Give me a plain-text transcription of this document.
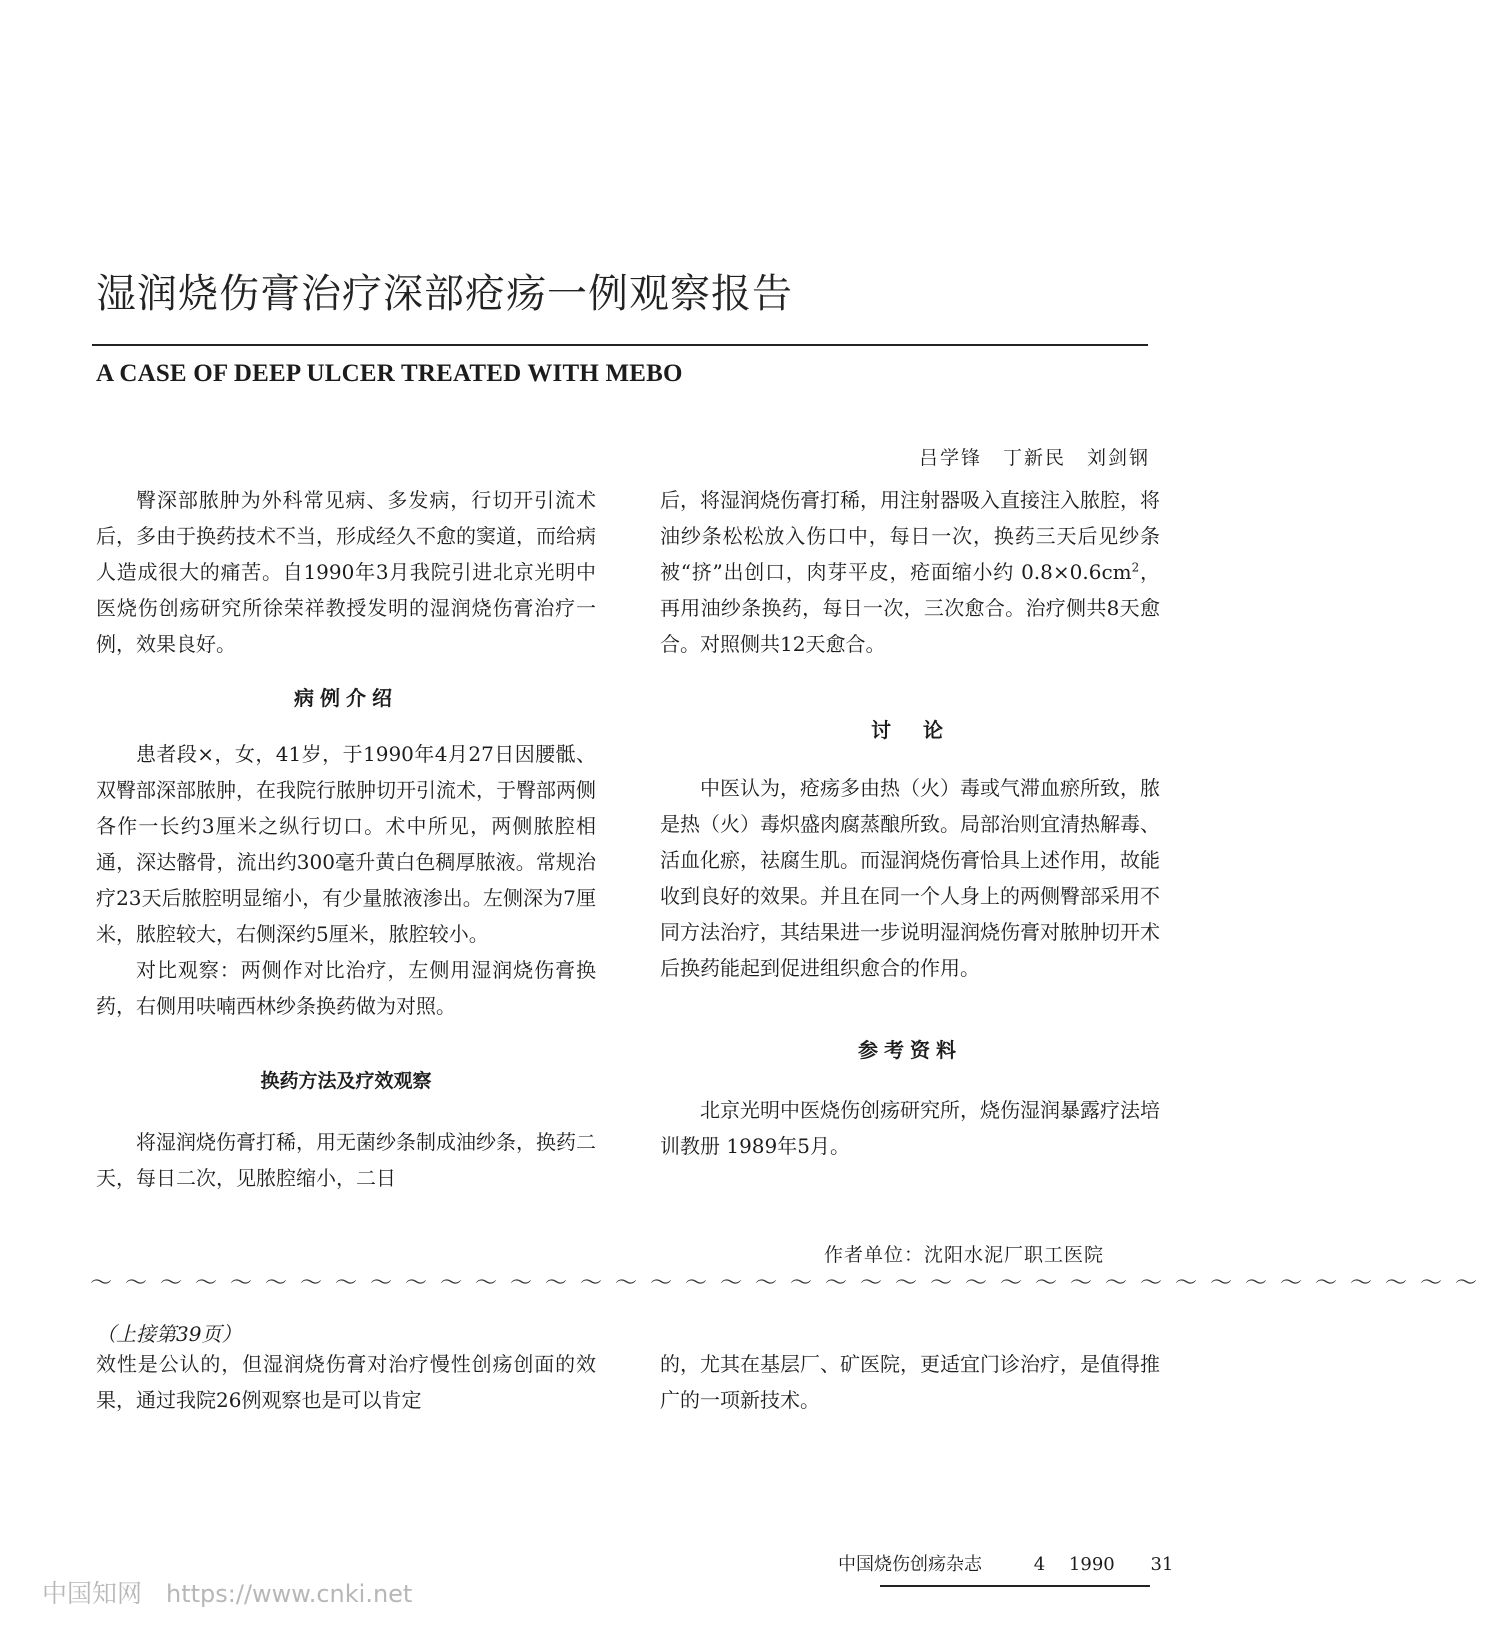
湿润烧伤膏治疗深部疮疡一例观察报告
A CASE OF DEEP ULCER TREATED WITH MEBO
吕学锋　丁新民　刘剑钢

臀深部脓肿为外科常见病、多发病，行切开引流术后，多由于换药技术不当，形成经久不愈的窦道，而给病人造成很大的痛苦。自1990年3月我院引进北京光明中医烧伤创疡研究所徐荣祥教授发明的湿润烧伤膏治疗一例，效果良好。

病例介绍

患者段×，女，41岁，于1990年4月27日因腰骶、双臀部深部脓肿，在我院行脓肿切开引流术，于臀部两侧各作一长约3厘米之纵行切口。术中所见，两侧脓腔相通，深达髂骨，流出约300毫升黄白色稠厚脓液。常规治疗23天后脓腔明显缩小，有少量脓液渗出。左侧深为7厘米，脓腔较大，右侧深约5厘米，脓腔较小。

对比观察：两侧作对比治疗，左侧用湿润烧伤膏换药，右侧用呋喃西林纱条换药做为对照。

换药方法及疗效观察

将湿润烧伤膏打稀，用无菌纱条制成油纱条，换药二天，每日二次，见脓腔缩小，二日

后，将湿润烧伤膏打稀，用注射器吸入直接注入脓腔，将油纱条松松放入伤口中，每日一次，换药三天后见纱条被“挤”出创口，肉芽平皮，疮面缩小约 $0.8\times 0.6cm^2$，再用油纱条换药，每日一次，三次愈合。治疗侧共8天愈合。对照侧共12天愈合。

讨　论

中医认为，疮疡多由热（火）毒或气滞血瘀所致，脓是热（火）毒炽盛肉腐蒸酿所致。局部治则宜清热解毒、活血化瘀，祛腐生肌。而湿润烧伤膏恰具上述作用，故能收到良好的效果。并且在同一个人身上的两侧臀部采用不同方法治疗，其结果进一步说明湿润烧伤膏对脓肿切开术后换药能起到促进组织愈合的作用。

参考资料

北京光明中医烧伤创疡研究所，烧伤湿润暴露疗法培训教册 1989年5月。

作者单位：沈阳水泥厂职工医院
～～～～～～～～～～～～～～～～～～～～～～～～～～～～～～～～～～～～～～～～
（上接第39页）

效性是公认的，但湿润烧伤膏对治疗慢性创疡创面的效果，通过我院26例观察也是可以肯定

的，尤其在基层厂、矿医院，更适宜门诊治疗，是值得推广的一项新技术。

中国烧伤创疡杂志	4 1990 31
中国知网 https://www.cnki.net
